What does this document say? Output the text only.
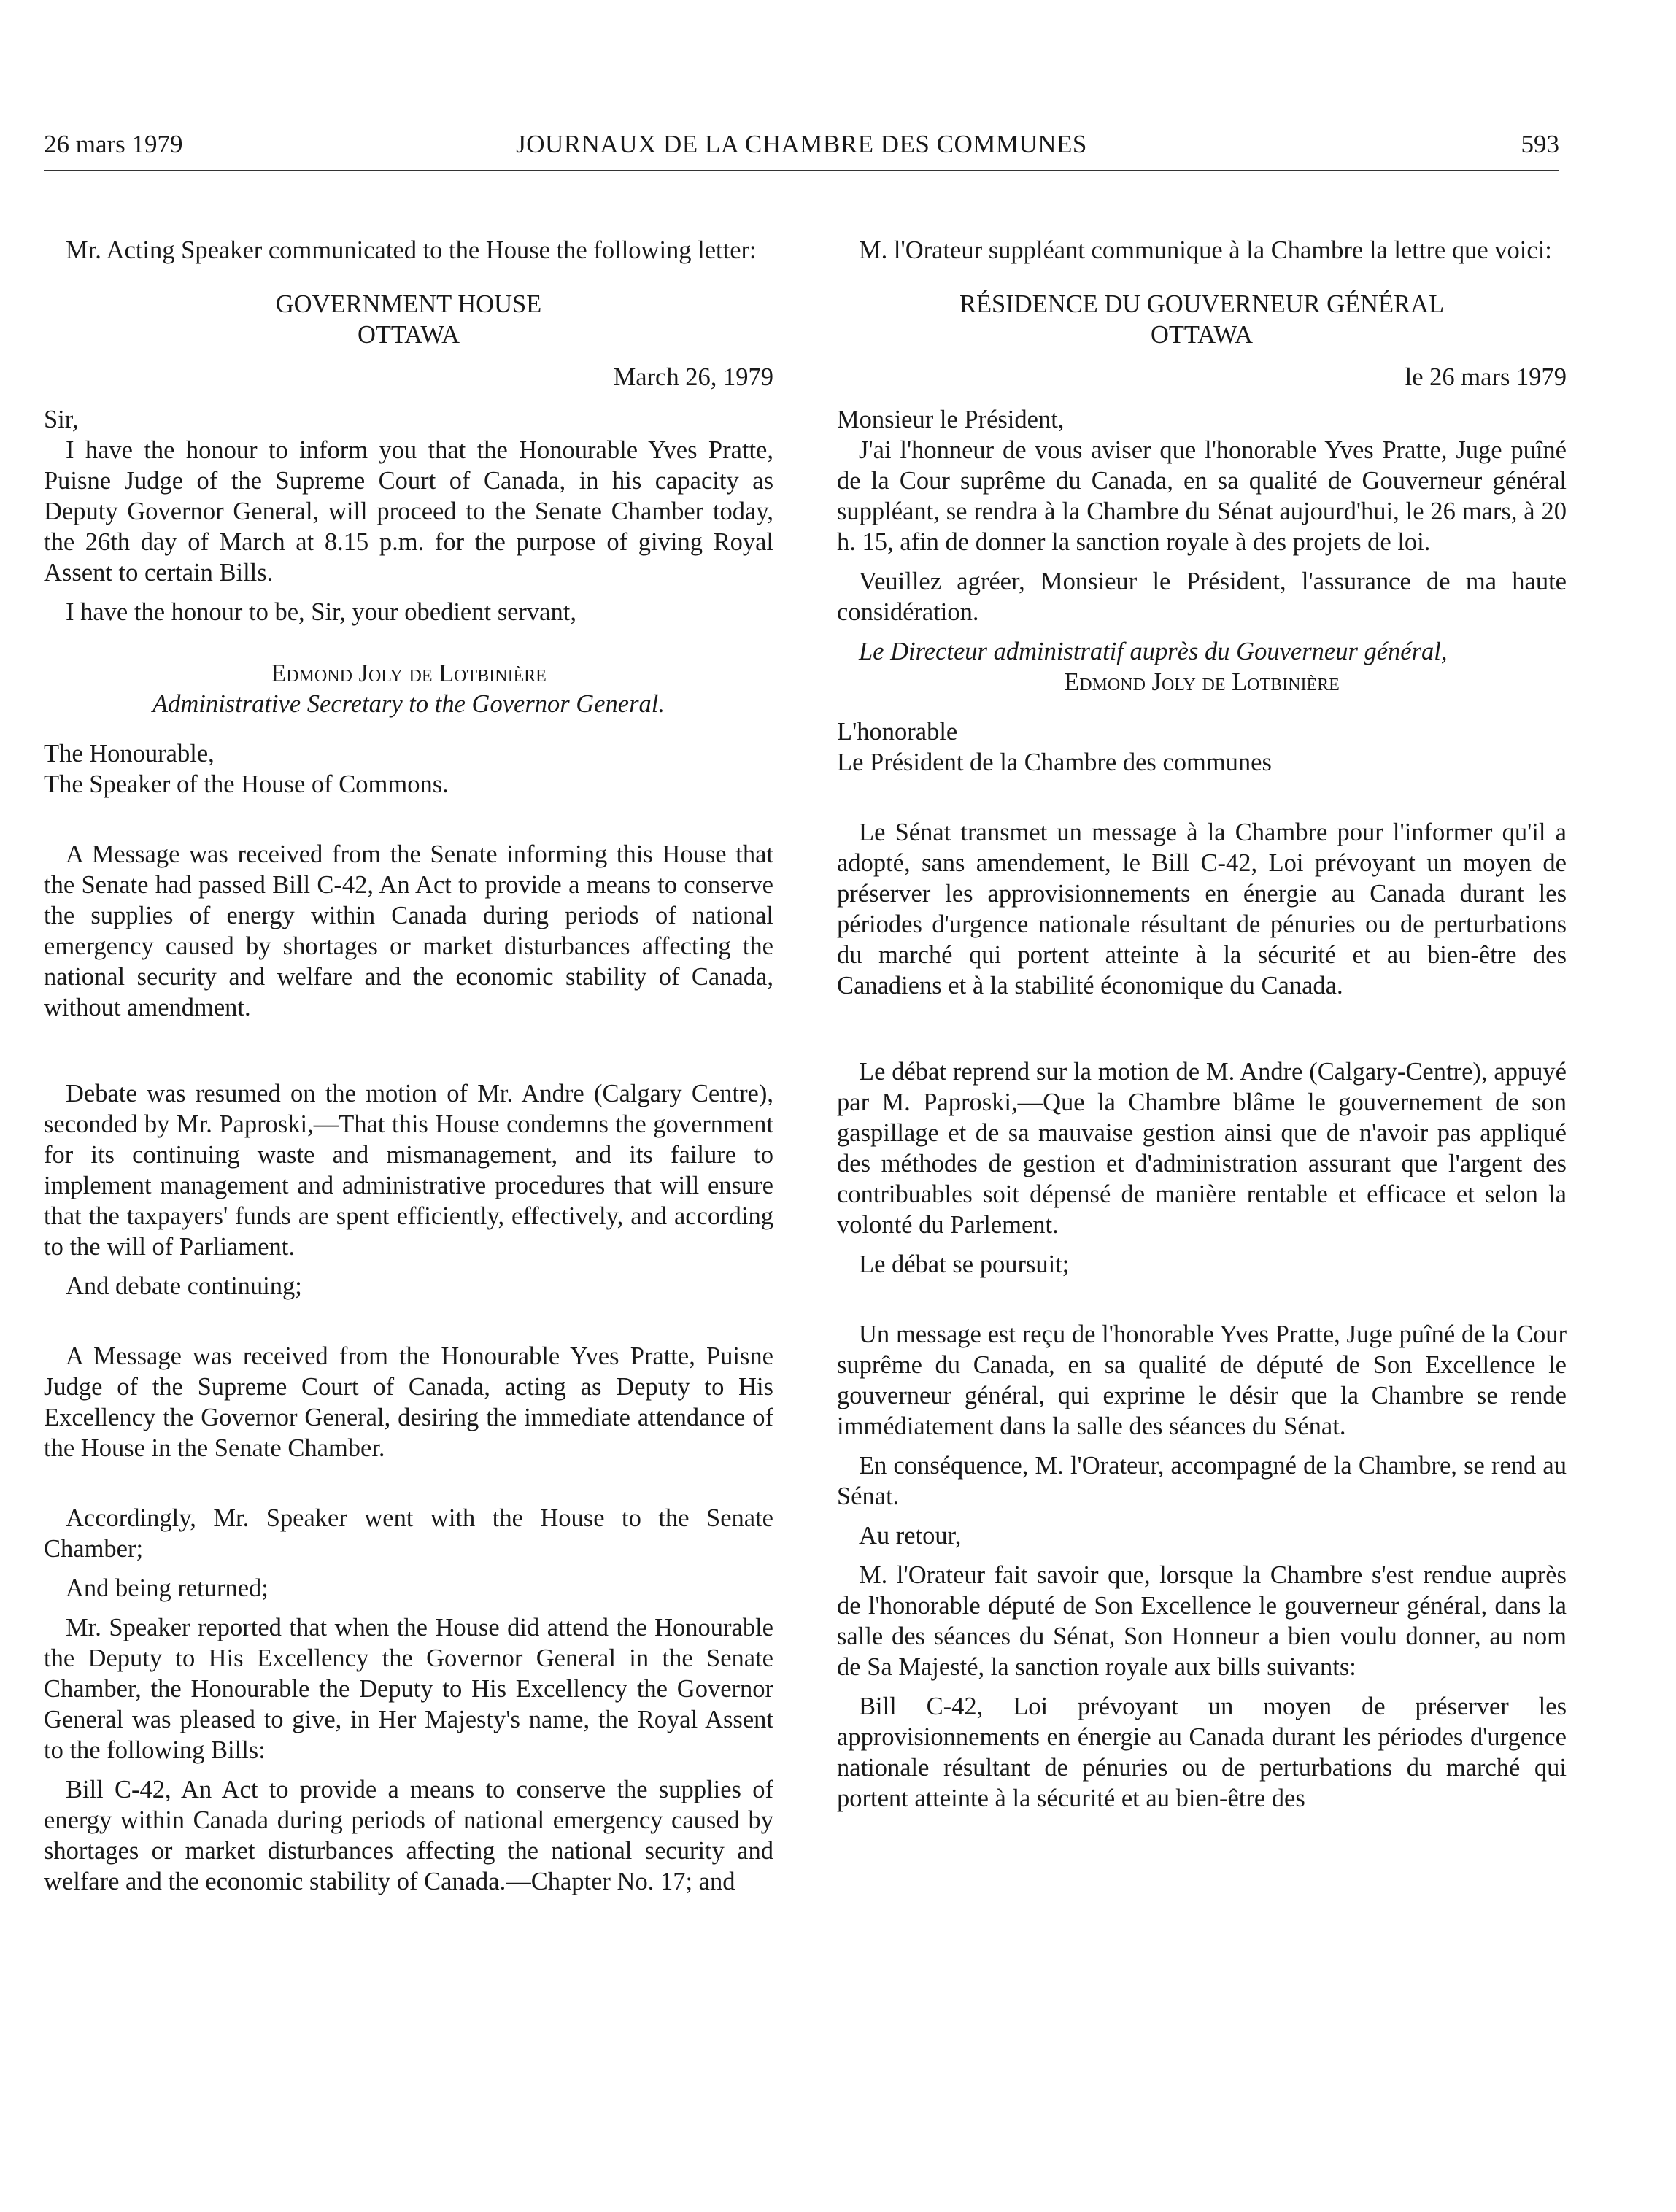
26 mars 1979	JOURNAUX DE LA CHAMBRE DES COMMUNES	593

Mr. Acting Speaker communicated to the House the following letter:

GOVERNMENT HOUSE

OTTAWA

March 26, 1979

Sir,

I have the honour to inform you that the Honourable Yves Pratte, Puisne Judge of the Supreme Court of Canada, in his capacity as Deputy Governor General, will proceed to the Senate Chamber today, the 26th day of March at 8.15 p.m. for the purpose of giving Royal Assent to certain Bills.

I have the honour to be, Sir, your obedient servant,

Edmond Joly de Lotbinière

Administrative Secretary to the Governor General.

The Honourable,

The Speaker of the House of Commons.

A Message was received from the Senate informing this House that the Senate had passed Bill C-42, An Act to provide a means to conserve the supplies of energy within Canada during periods of national emergency caused by shortages or market disturbances affecting the national security and welfare and the economic stability of Canada, without amendment.

Debate was resumed on the motion of Mr. Andre (Calgary Centre), seconded by Mr. Paproski,—That this House condemns the government for its continuing waste and mismanagement, and its failure to implement management and administrative procedures that will ensure that the taxpayers' funds are spent efficiently, effectively, and according to the will of Parliament.

And debate continuing;

A Message was received from the Honourable Yves Pratte, Puisne Judge of the Supreme Court of Canada, acting as Deputy to His Excellency the Governor General, desiring the immediate attendance of the House in the Senate Chamber.

Accordingly, Mr. Speaker went with the House to the Senate Chamber;

And being returned;

Mr. Speaker reported that when the House did attend the Honourable the Deputy to His Excellency the Governor General in the Senate Chamber, the Honourable the Deputy to His Excellency the Governor General was pleased to give, in Her Majesty's name, the Royal Assent to the following Bills:

Bill C-42, An Act to provide a means to conserve the supplies of energy within Canada during periods of national emergency caused by shortages or market disturbances affecting the national security and welfare and the economic stability of Canada.—Chapter No. 17; and

M. l'Orateur suppléant communique à la Chambre la lettre que voici:

RÉSIDENCE DU GOUVERNEUR GÉNÉRAL

OTTAWA

le 26 mars 1979

Monsieur le Président,

J'ai l'honneur de vous aviser que l'honorable Yves Pratte, Juge puîné de la Cour suprême du Canada, en sa qualité de Gouverneur général suppléant, se rendra à la Chambre du Sénat aujourd'hui, le 26 mars, à 20 h. 15, afin de donner la sanction royale à des projets de loi.

Veuillez agréer, Monsieur le Président, l'assurance de ma haute considération.

Le Directeur administratif auprès du Gouverneur général,

Edmond Joly de Lotbinière

L'honorable

Le Président de la Chambre des communes

Le Sénat transmet un message à la Chambre pour l'informer qu'il a adopté, sans amendement, le Bill C-42, Loi prévoyant un moyen de préserver les approvisionnements en énergie au Canada durant les périodes d'urgence nationale résultant de pénuries ou de perturbations du marché qui portent atteinte à la sécurité et au bien-être des Canadiens et à la stabilité économique du Canada.

Le débat reprend sur la motion de M. Andre (Calgary-Centre), appuyé par M. Paproski,—Que la Chambre blâme le gouvernement de son gaspillage et de sa mauvaise gestion ainsi que de n'avoir pas appliqué des méthodes de gestion et d'administration assurant que l'argent des contribuables soit dépensé de manière rentable et efficace et selon la volonté du Parlement.

Le débat se poursuit;

Un message est reçu de l'honorable Yves Pratte, Juge puîné de la Cour suprême du Canada, en sa qualité de député de Son Excellence le gouverneur général, qui exprime le désir que la Chambre se rende immédiatement dans la salle des séances du Sénat.

En conséquence, M. l'Orateur, accompagné de la Chambre, se rend au Sénat.

Au retour,

M. l'Orateur fait savoir que, lorsque la Chambre s'est rendue auprès de l'honorable député de Son Excellence le gouverneur général, dans la salle des séances du Sénat, Son Honneur a bien voulu donner, au nom de Sa Majesté, la sanction royale aux bills suivants:

Bill C-42, Loi prévoyant un moyen de préserver les approvisionnements en énergie au Canada durant les périodes d'urgence nationale résultant de pénuries ou de perturbations du marché qui portent atteinte à la sécurité et au bien-être des
